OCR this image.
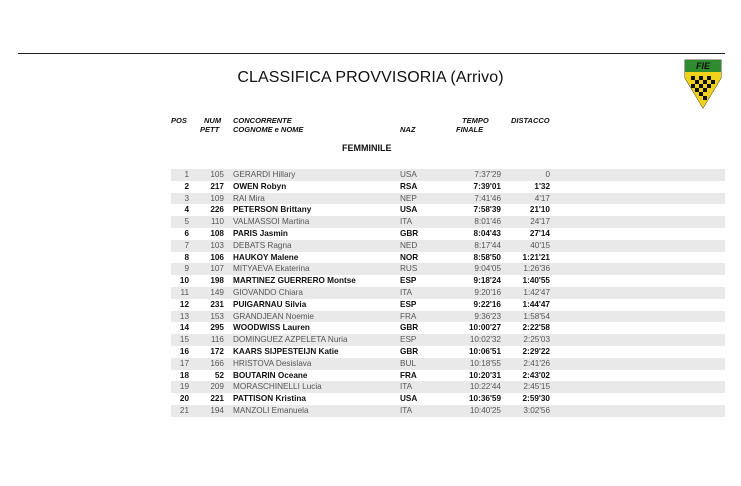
CLASSIFICA PROVVISORIA (Arrivo)
FIE
POS NUM
PETT
CONCORRENTE
COGNOME e NOME	NAZ
TEMPO
FINALE
DISTACCO
FEMMINILE
1	105 GERARDI Hillary	USA	7:37'29	0
2	217 OWEN Robyn	RSA	7:39'01	1'32
3	109 RAI Mira	NEP	7:41'46	4'17
4	226 PETERSON Brittany	USA	7:58'39	21'10
5	110 VALMASSOI Martina	ITA	8:01'46	24'17
6	108 PARIS Jasmin	GBR	8:04'43	27'14
7	103 DEBATS Ragna	NED	8:17'44	40'15
8	106 HAUKOY Malene	NOR	8:58'50	1:21'21
9	107 MITYAEVA Ekaterina	RUS	9:04'05	1:26'36
10	198 MARTINEZ GUERRERO Montse	ESP	9:18'24	1:40'55
11	149 GIOVANDO Chiara	ITA	9:20'16	1:42'47
12	231 PUIGARNAU Silvia	ESP	9:22'16	1:44'47
13	153 GRANDJEAN Noemie	FRA	9:36'23	1:58'54
14	295 WOODWISS Lauren	GBR	10:00'27	2:22'58
15	116 DOMINGUEZ AZPELETA Nuria	ESP	10:02'32	2:25'03
16	172 KAARS SIJPESTEIJN Katie	GBR	10:06'51	2:29'22
17	166 HRISTOVA Desislava	BUL	10:18'55	2:41'26
18	52 BOUTARIN Oceane	FRA	10:20'31	2:43'02
19	209 MORASCHINELLI Lucia	ITA	10:22'44	2:45'15
20	221 PATTISON Kristina	USA	10:36'59	2:59'30
21	194 MANZOLI Emanuela	ITA	10:40'25	3:02'56
